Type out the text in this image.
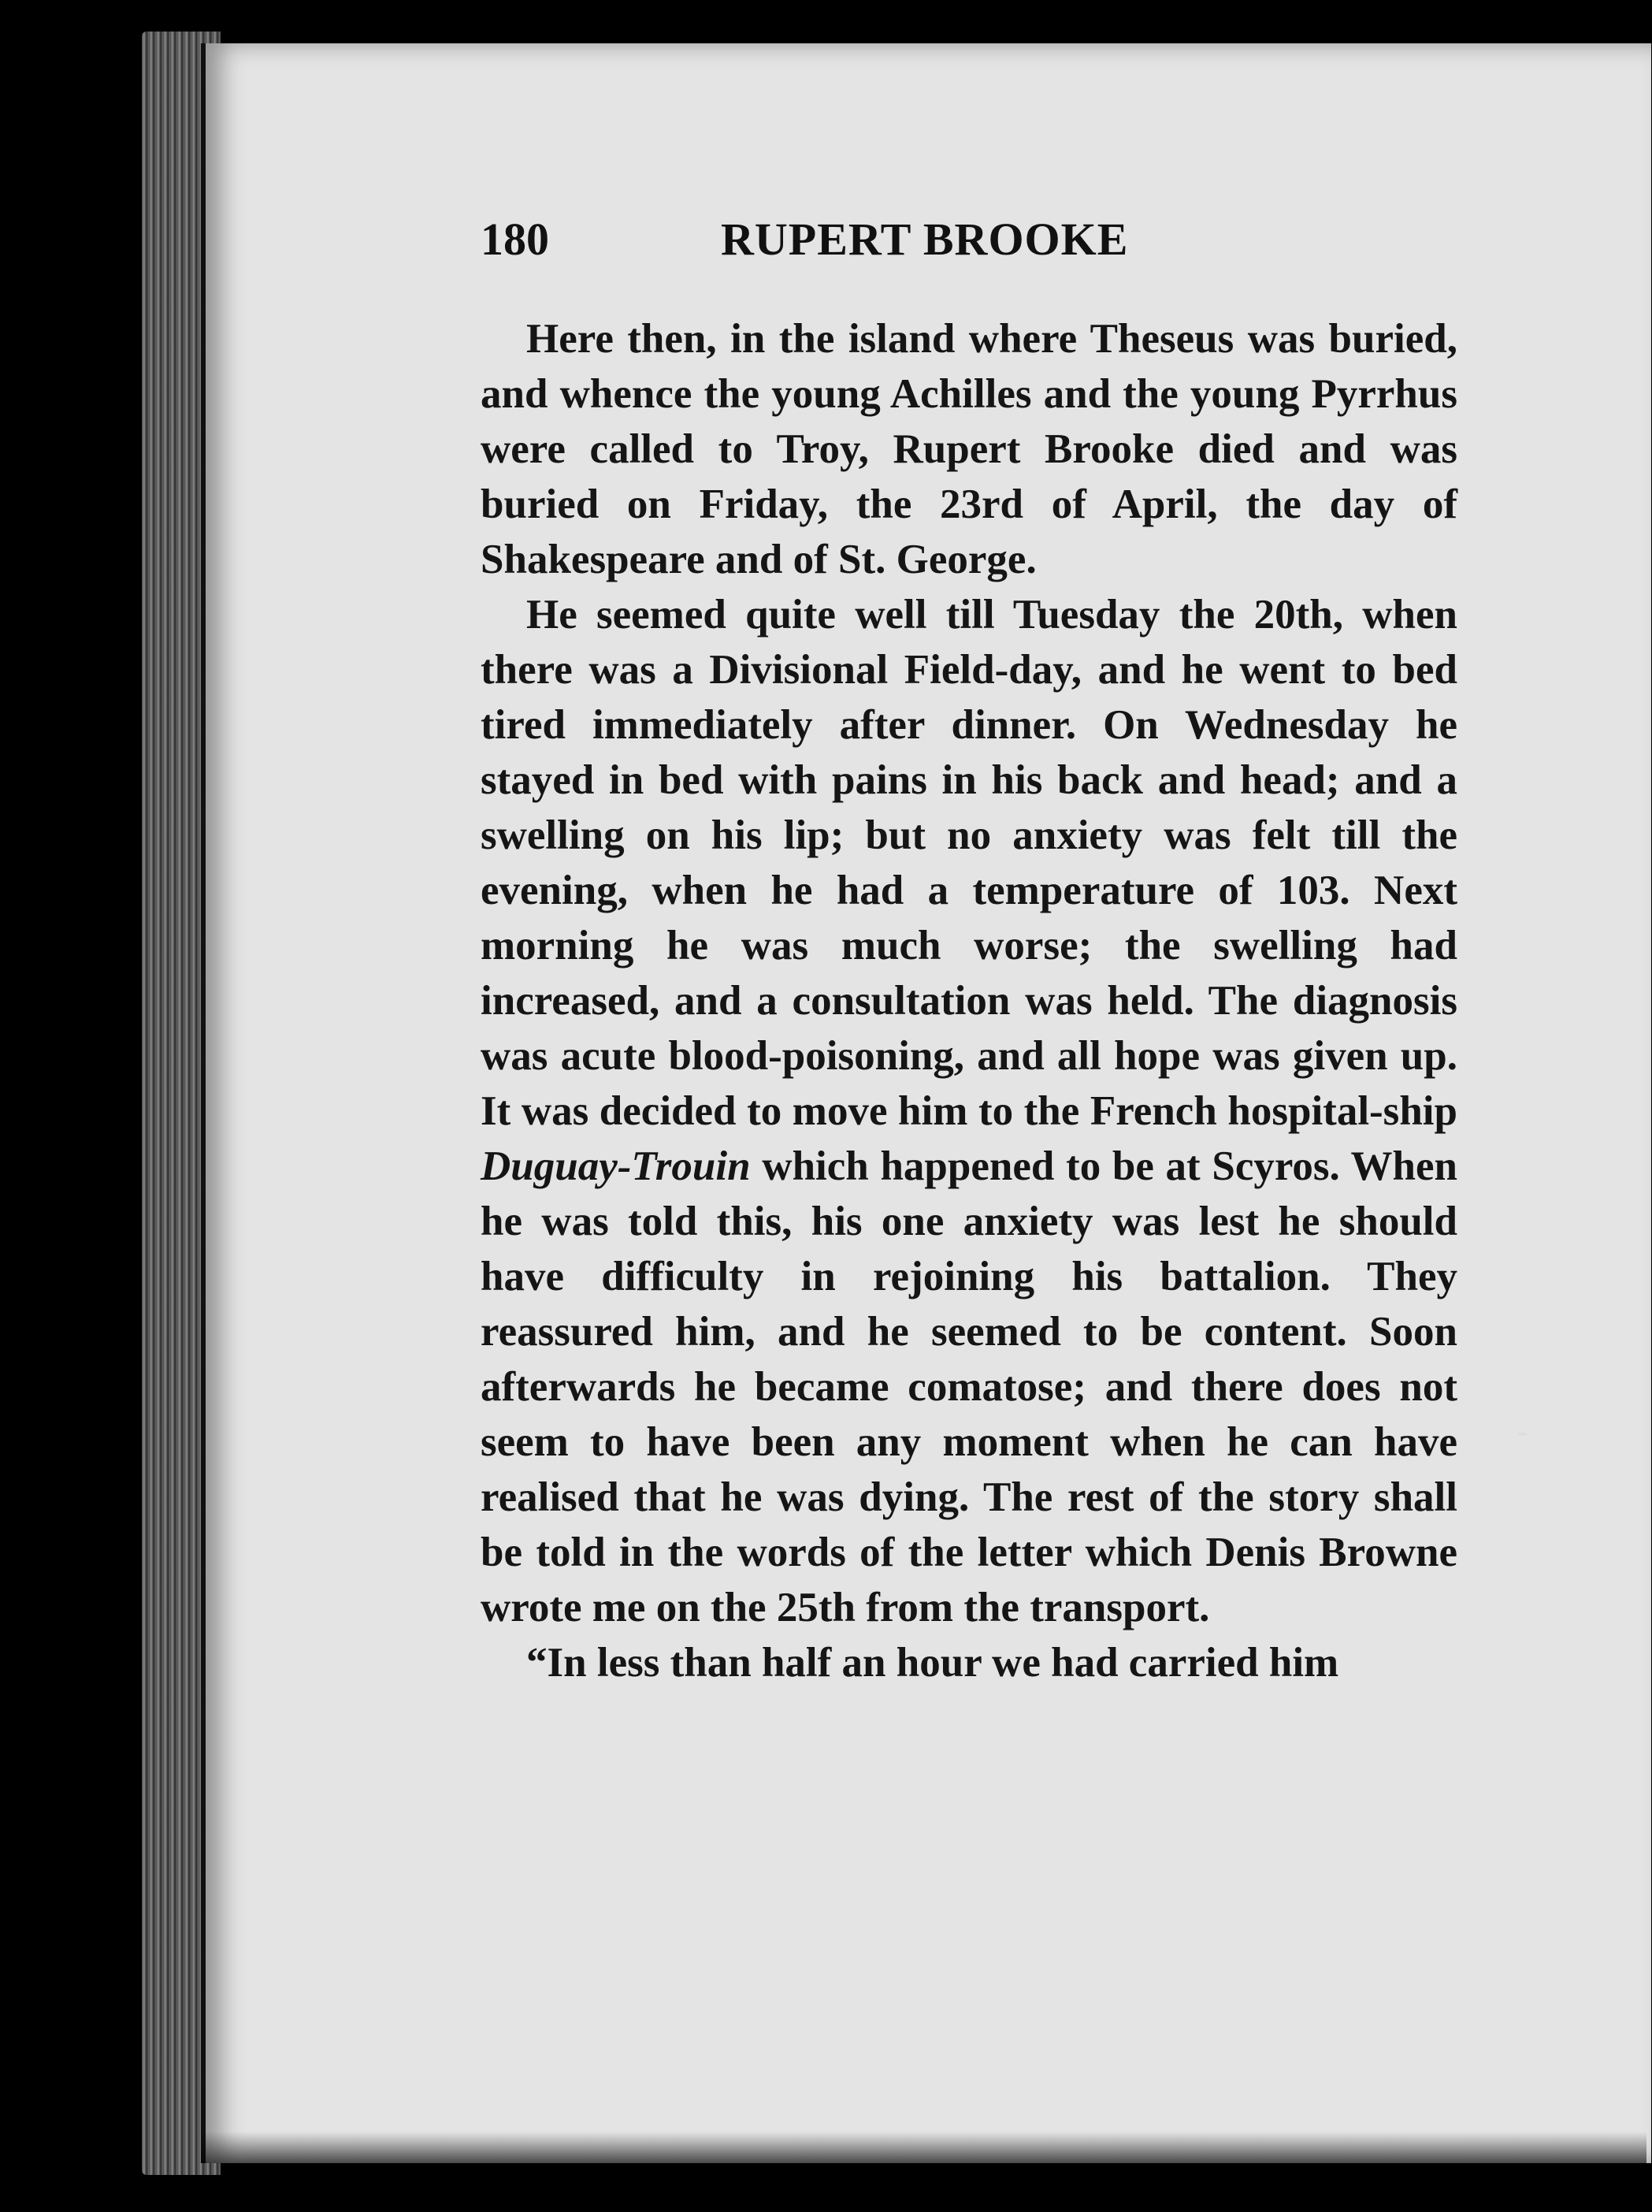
180	RUPERT BROOKE

Here then, in the island where Theseus was buried, and whence the young Achilles and the young Pyrrhus were called to Troy, Rupert Brooke died and was buried on Friday, the 23rd of April, the day of Shakespeare and of St. George.

He seemed quite well till Tuesday the 20th, when there was a Divisional Field-day, and he went to bed tired immediately after dinner. On Wednesday he stayed in bed with pains in his back and head; and a swelling on his lip; but no anxiety was felt till the evening, when he had a temperature of 103. Next morning he was much worse; the swelling had increased, and a consultation was held. The diagnosis was acute blood-poisoning, and all hope was given up. It was decided to move him to the French hospital-ship Duguay-Trouin which happened to be at Scyros. When he was told this, his one anxiety was lest he should have difficulty in rejoining his battalion. They reassured him, and he seemed to be content. Soon afterwards he became comatose; and there does not seem to have been any moment when he can have realised that he was dying. The rest of the story shall be told in the words of the letter which Denis Browne wrote me on the 25th from the transport.

“In less than half an hour we had carried him

-
